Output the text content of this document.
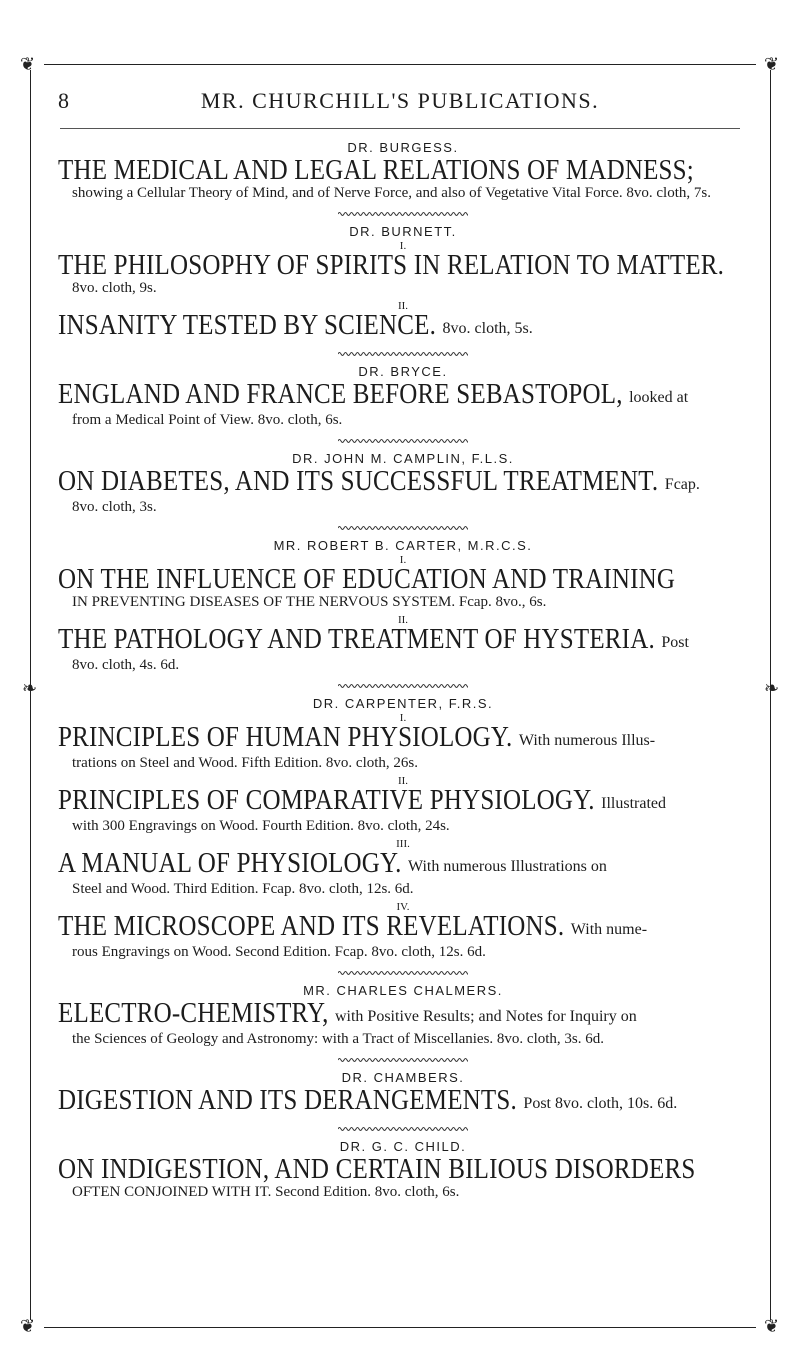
❦	❦
❦	❦
❧	❧
8	MR. CHURCHILL'S PUBLICATIONS.
DR. BURGESS.
THE MEDICAL AND LEGAL RELATIONS OF MADNESS;
showing a Cellular Theory of Mind, and of Nerve Force, and also of Vegetative Vital Force. 8vo. cloth, 7s.
DR. BURNETT.
I.
THE PHILOSOPHY OF SPIRITS IN RELATION TO MATTER.
8vo. cloth, 9s.
II.
INSANITY TESTED BY SCIENCE. 8vo. cloth, 5s.
DR. BRYCE.
ENGLAND AND FRANCE BEFORE SEBASTOPOL, looked at
from a Medical Point of View. 8vo. cloth, 6s.
DR. JOHN M. CAMPLIN, F.L.S.
ON DIABETES, AND ITS SUCCESSFUL TREATMENT. Fcap.
8vo. cloth, 3s.
MR. ROBERT B. CARTER, M.R.C.S.
I.
ON THE INFLUENCE OF EDUCATION AND TRAINING
IN PREVENTING DISEASES OF THE NERVOUS SYSTEM. Fcap. 8vo., 6s.
II.
THE PATHOLOGY AND TREATMENT OF HYSTERIA. Post
8vo. cloth, 4s. 6d.
DR. CARPENTER, F.R.S.
I.
PRINCIPLES OF HUMAN PHYSIOLOGY. With numerous Illus-
trations on Steel and Wood. Fifth Edition. 8vo. cloth, 26s.
II.
PRINCIPLES OF COMPARATIVE PHYSIOLOGY. Illustrated
with 300 Engravings on Wood. Fourth Edition. 8vo. cloth, 24s.
III.
A MANUAL OF PHYSIOLOGY. With numerous Illustrations on
Steel and Wood. Third Edition. Fcap. 8vo. cloth, 12s. 6d.
IV.
THE MICROSCOPE AND ITS REVELATIONS. With nume-
rous Engravings on Wood. Second Edition. Fcap. 8vo. cloth, 12s. 6d.
MR. CHARLES CHALMERS.
ELECTRO-CHEMISTRY, with Positive Results; and Notes for Inquiry on
the Sciences of Geology and Astronomy: with a Tract of Miscellanies. 8vo. cloth, 3s. 6d.
DR. CHAMBERS.
DIGESTION AND ITS DERANGEMENTS. Post 8vo. cloth, 10s. 6d.
DR. G. C. CHILD.
ON INDIGESTION, AND CERTAIN BILIOUS DISORDERS
OFTEN CONJOINED WITH IT. Second Edition. 8vo. cloth, 6s.
